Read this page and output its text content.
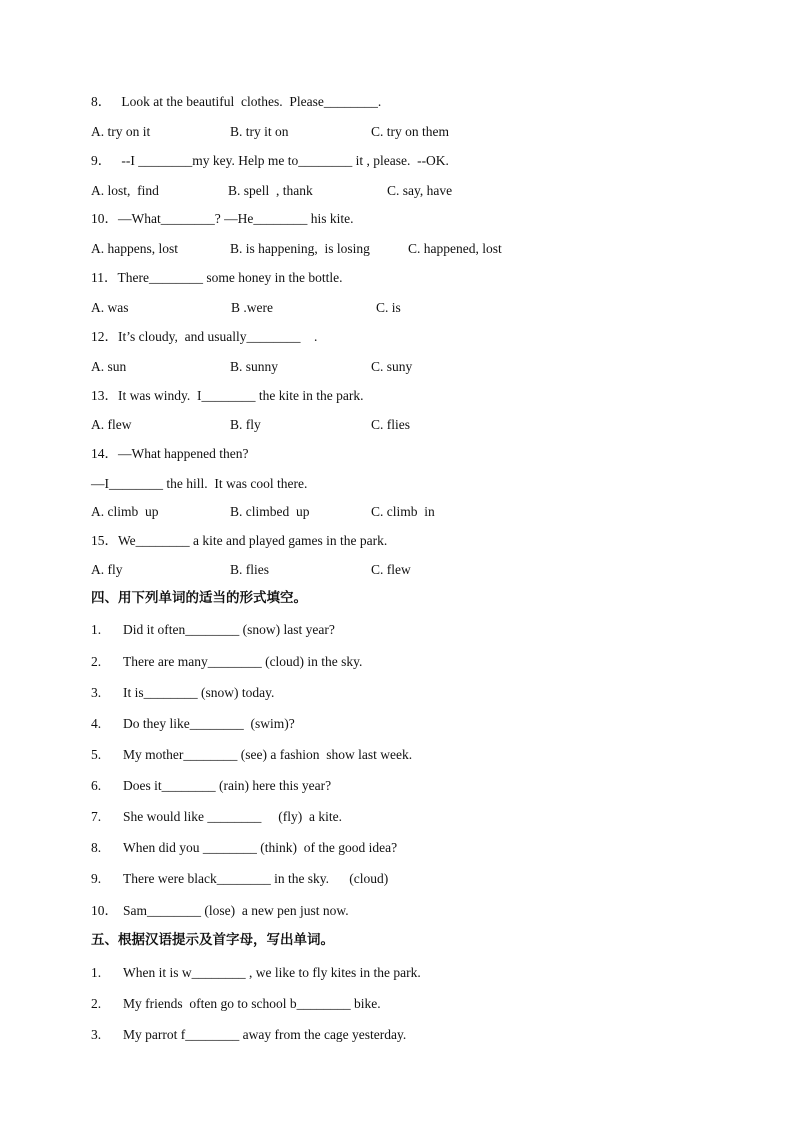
8．   Look at the beautiful  clothes.  Please________.
A. try on it	B. try it on	C. try on them
9．   --I ________my key. Help me to________ it , please.  --OK.
A. lost,  find	B. spell  , thank	C. say, have
10．—What________? —He________ his kite.
A. happens, lost	B. is happening,  is losing	C. happened, lost
11．There________ some honey in the bottle.
A. was	B .were	C. is
12．It’s cloudy,  and usually________    .
A. sun	B. sunny	C. suny
13．It was windy.  I________ the kite in the park.
A. flew	B. fly	C. flies
14．—What happened then?
—I________ the hill.  It was cool there.
A. climb  up	B. climbed  up	C. climb  in
15．We________ a kite and played games in the park.
A. fly	B. flies	C. flew
四、用下列单词的适当的形式填空。
1. Did it often________ (snow) last year?
2. There are many________ (cloud) in the sky.
3. It is________ (snow) today.
4. Do they like________  (swim)?
5. My mother________ (see) a fashion  show last week.
6. Does it________ (rain) here this year?
7. She would like ________     (fly)  a kite.
8. When did you ________ (think)  of the good idea?
9. There were black________ in the sky.      (cloud)
10． Sam________ (lose)  a new pen just now.
五、根据汉语提示及首字母，写出单词。
1. When it is w________ , we like to fly kites in the park.
2. My friends  often go to school b________ bike.
3. My parrot f________ away from the cage yesterday.
